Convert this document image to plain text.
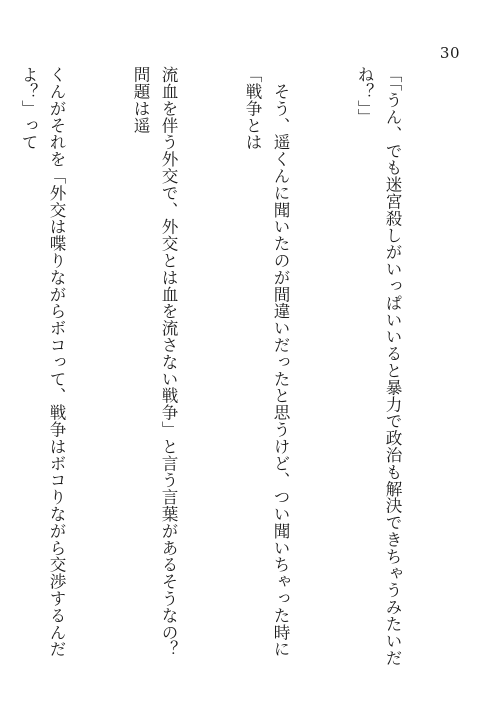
30

「「うん、でも迷宮殺しがいっぱいいると暴力で政治も解決できちゃうみたいだね？」」

　そう、遥くんに聞いたのが間違いだったと思うけど、つい聞いちゃった時に「戦争とは

流血を伴う外交で、外交とは血を流さない戦争」と言う言葉があるそうなの？　問題は遥

くんがそれを「外交は喋りながらボコって、戦争はボコりながら交渉するんだよ？」って
